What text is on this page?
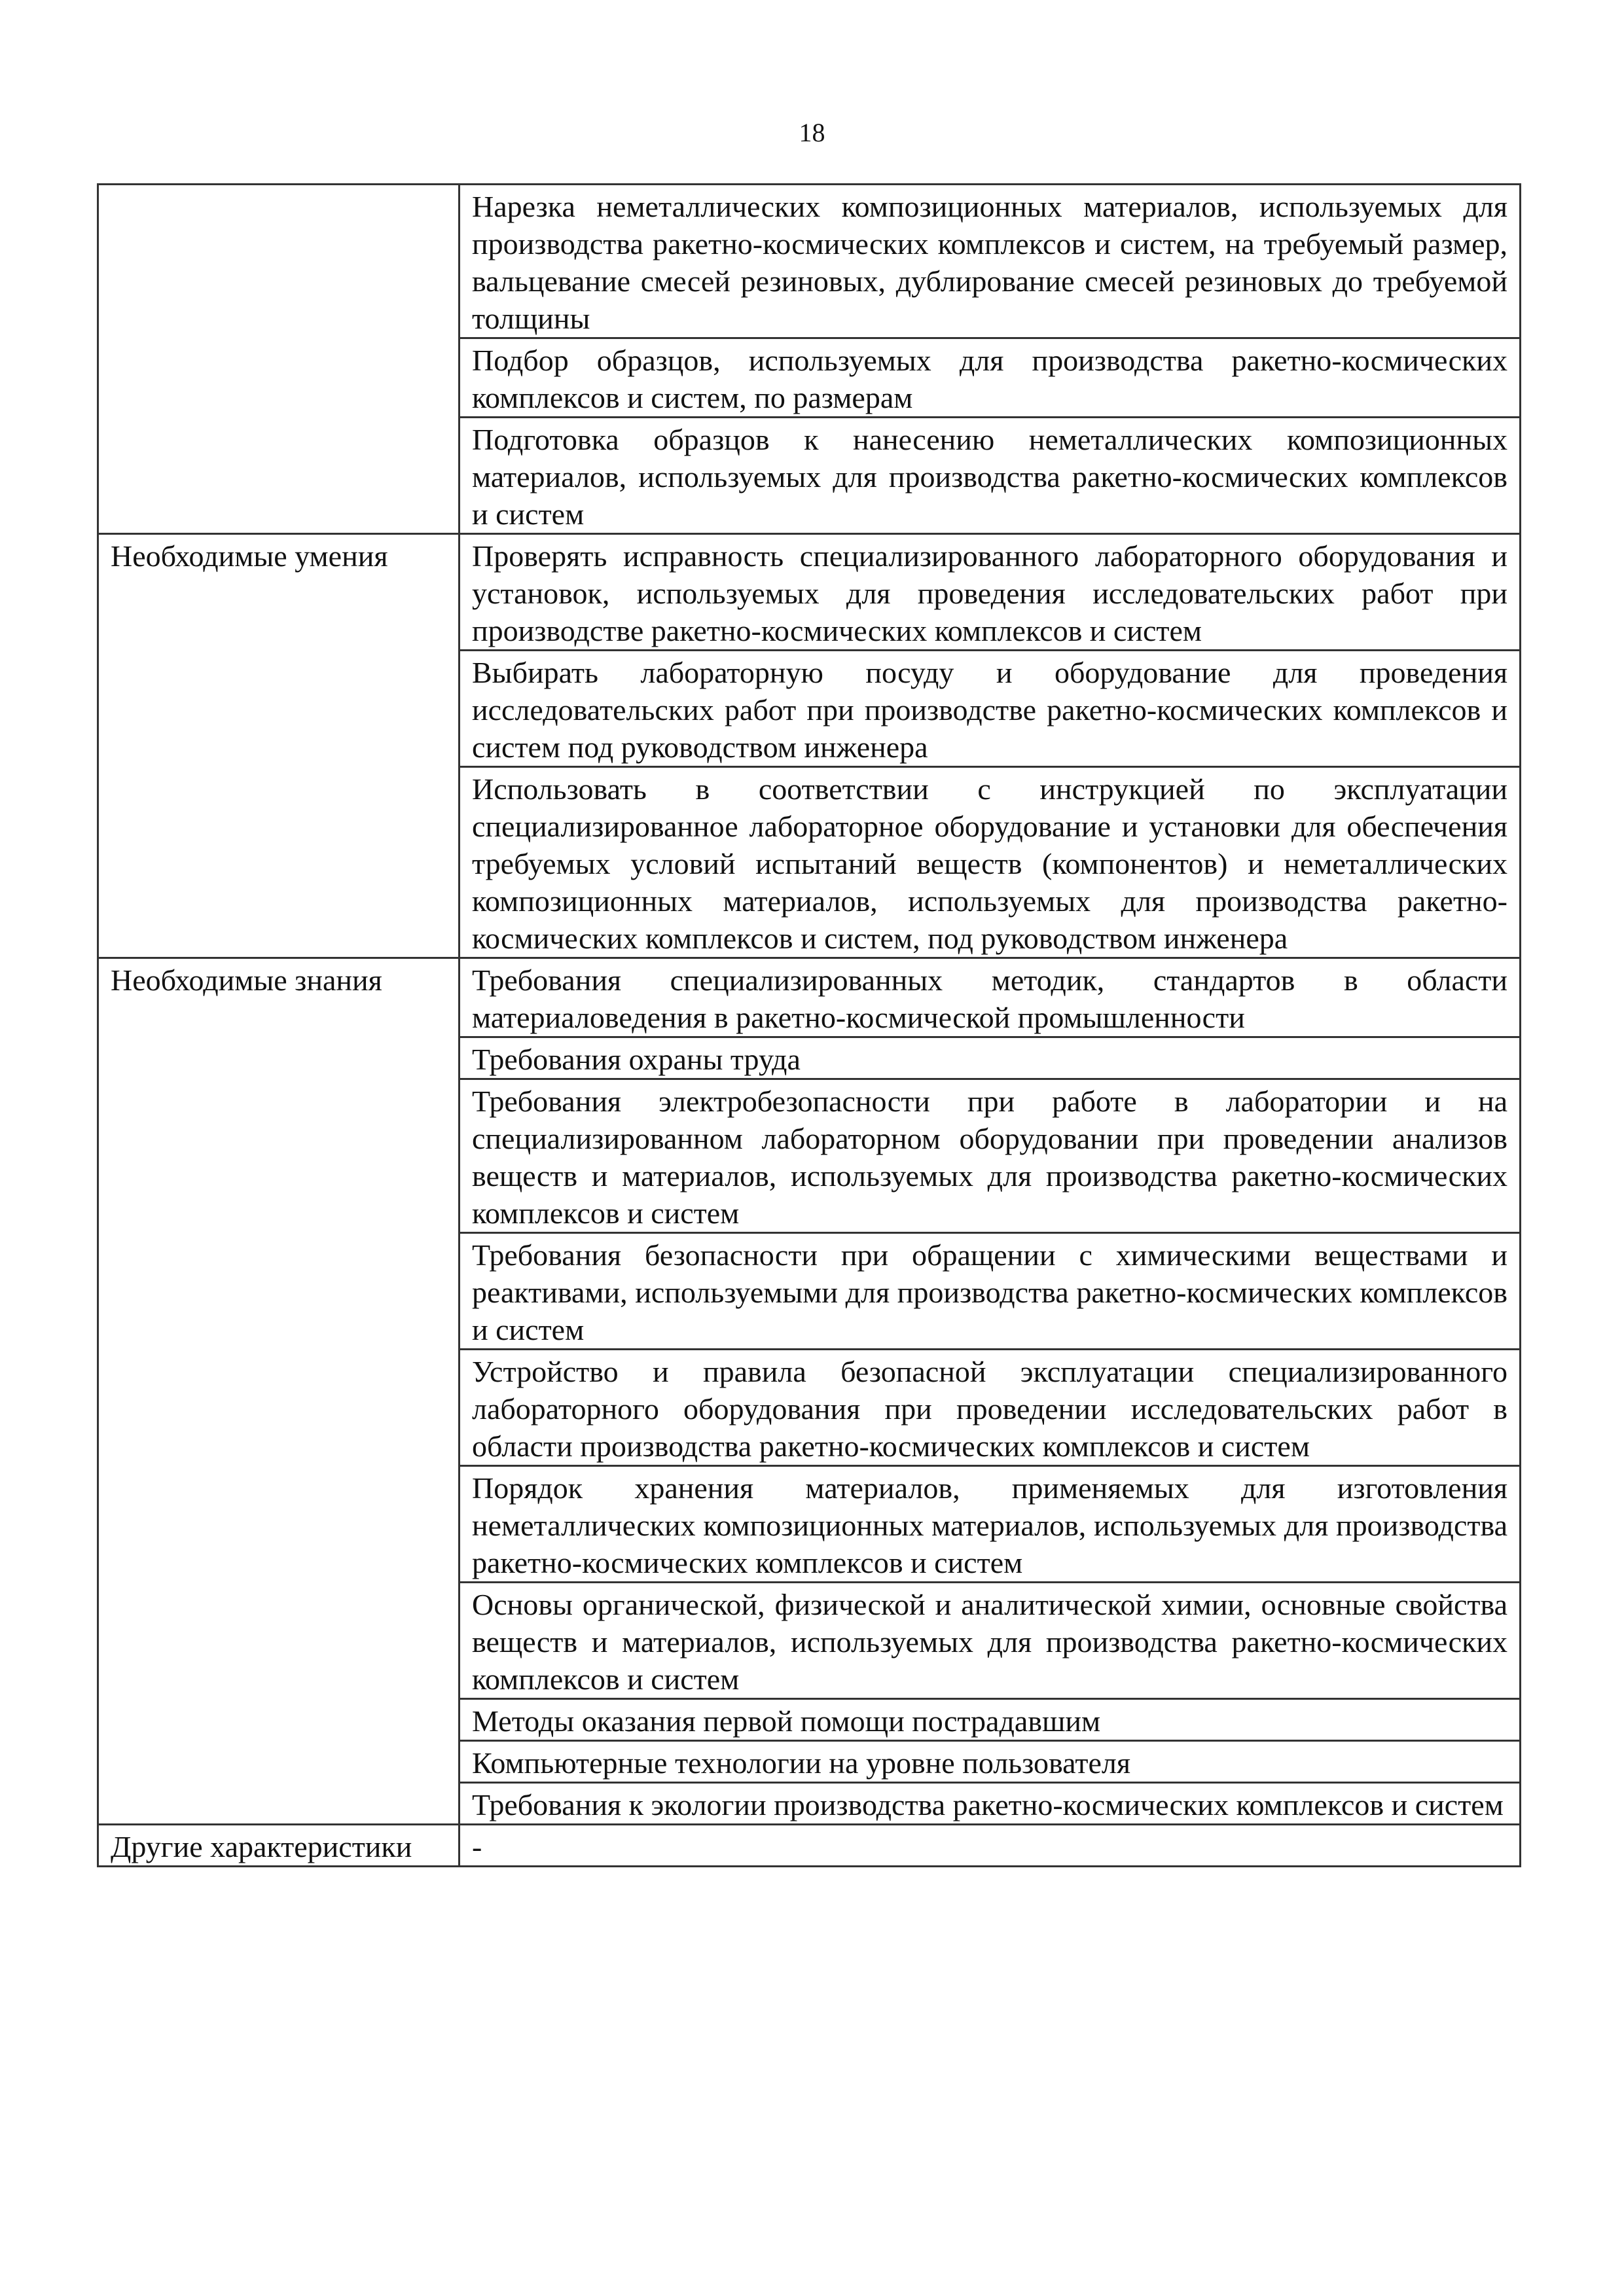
18
	Нарезка неметаллических композиционных материалов, используемых для производства ракетно-космических комплексов и систем, на требуемый размер, вальцевание смесей резиновых, дублирование смесей резиновых до требуемой толщины
	Подбор образцов, используемых для производства ракетно-космических комплексов и систем, по размерам
	Подготовка образцов к нанесению неметаллических композиционных материалов, используемых для производства ракетно-космических комплексов и систем
Необходимые умения	Проверять исправность специализированного лабораторного оборудования и установок, используемых для проведения исследовательских работ при производстве ракетно-космических комплексов и систем
	Выбирать лабораторную посуду и оборудование для проведения исследовательских работ при производстве ракетно-космических комплексов и систем под руководством инженера
	Использовать в соответствии с инструкцией по эксплуатации специализированное лабораторное оборудование и установки для обеспечения требуемых условий испытаний веществ (компонентов) и неметаллических композиционных материалов, используемых для производства ракетно-космических комплексов и систем, под руководством инженера
Необходимые знания	Требования специализированных методик, стандартов в области материаловедения в ракетно-космической промышленности
	Требования охраны труда
	Требования электробезопасности при работе в лаборатории и на специализированном лабораторном оборудовании при проведении анализов веществ и материалов, используемых для производства ракетно-космических комплексов и систем
	Требования безопасности при обращении с химическими веществами и реактивами, используемыми для производства ракетно-космических комплексов и систем
	Устройство и правила безопасной эксплуатации специализированного лабораторного оборудования при проведении исследовательских работ в области производства ракетно-космических комплексов и систем
	Порядок хранения материалов, применяемых для изготовления неметаллических композиционных материалов, используемых для производства ракетно-космических комплексов и систем
	Основы органической, физической и аналитической химии, основные свойства веществ и материалов, используемых для производства ракетно-космических комплексов и систем
	Методы оказания первой помощи пострадавшим
	Компьютерные технологии на уровне пользователя
	Требования к экологии производства ракетно-космических комплексов и систем
Другие характеристики	-
